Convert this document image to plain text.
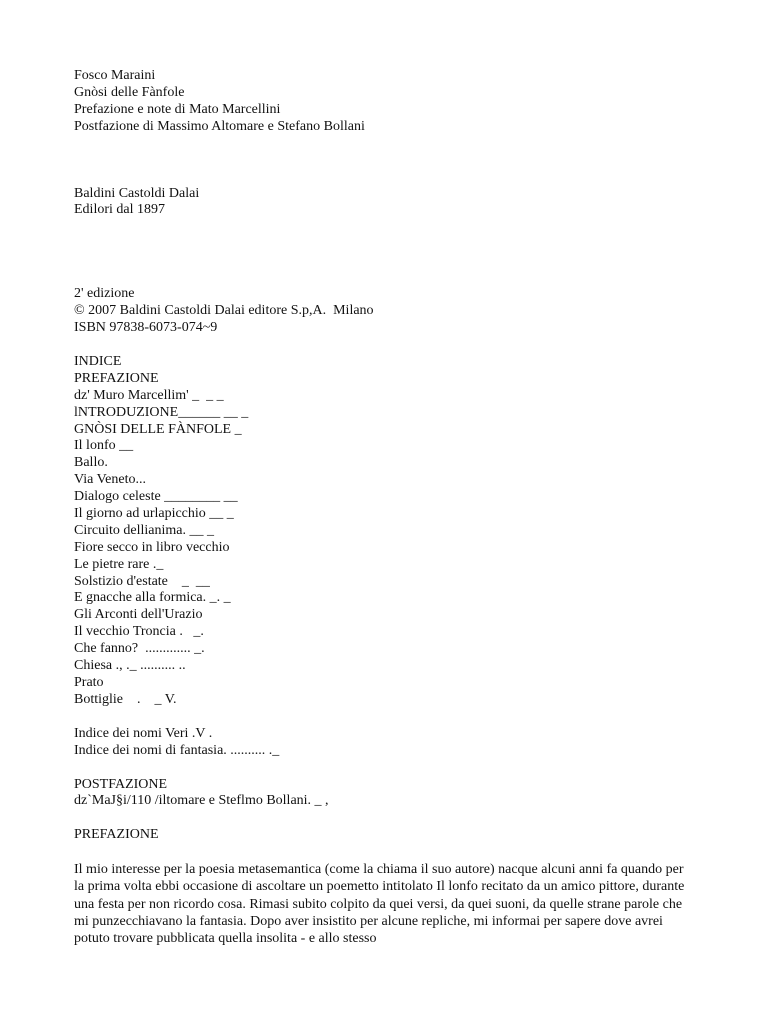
Fosco Maraini
Gnòsi delle Fànfole
Prefazione e note di Mato Marcellini
Postfazione di Massimo Altomare e Stefano Bollani
Baldini Castoldi Dalai
Edilori dal 1897
2' edizione
© 2007 Baldini Castoldi Dalai editore S.p,A.  Milano
ISBN 97838-6073-074~9
INDICE
PREFAZIONE
dz' Muro Marcellim' _  _ _
lNTRODUZIONE______ __ _
GNÒSI DELLE FÀNFOLE _
Il lonfo __
Ballo.
Via Veneto...
Dialogo celeste ________ __
Il giorno ad urlapicchio __ _
Circuito dellianima. __ _
Fiore secco in libro vecchio
Le pietre rare ._
Solstizio d'estate    _  __
E gnacche alla formica. _. _
Gli Arconti dell'Urazio
Il vecchio Troncia .   _.
Che fanno?  ............. _.
Chiesa ., ._ .......... ..
Prato
Bottiglie    .    _ V.
Indice dei nomi Veri .V .
Indice dei nomi di fantasia. .......... ._
POSTFAZIONE
dz`MaJ§i/110 /iltomare e Steflmo Bollani. _ ,
PREFAZIONE
Il mio interesse per la poesia metasemantica (come la chiama il suo autore) nacque alcuni anni fa quando per la prima volta ebbi occasione di ascoltare un poemetto intitolato Il lonfo recitato da un amico pittore, durante una festa per non ricordo cosa. Rimasi subito colpito da quei versi, da quei suoni, da quelle strane parole che mi punzecchiavano la fantasia. Dopo aver insistito per alcune repliche, mi informai per sapere dove avrei potuto trovare pubblicata quella insolita - e allo stesso
